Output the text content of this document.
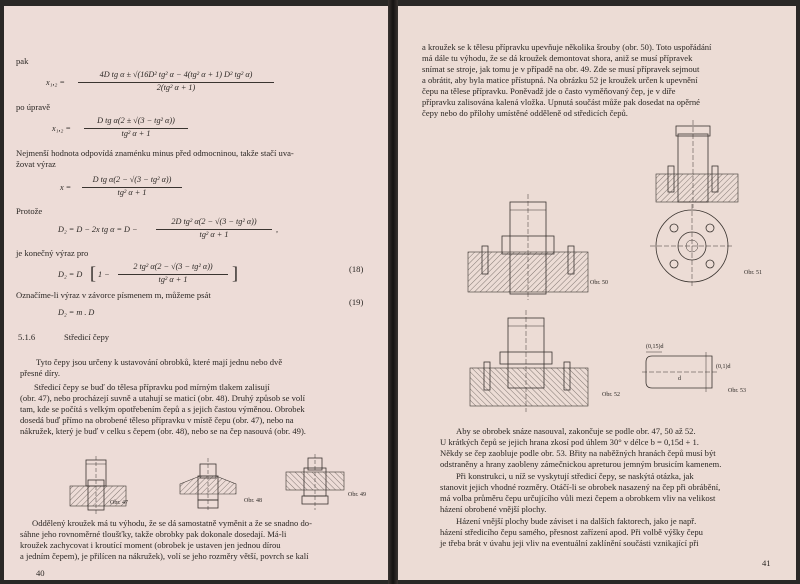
pak
x₁,₂ =
4D tg α ± √(16D² tg² α − 4(tg² α + 1) D² tg² α)
2(tg² α + 1)
po úpravě
x₁,₂ =
D tg α(2 ± √(3 − tg² α))
tg² α + 1
Nejmenší hodnota odpovídá znaménku minus před odmocninou, takže stačí uva-
žovat výraz
x =
D tg α(2 − √(3 − tg² α))
tg² α + 1
Protože
D₂ = D − 2x tg α = D −
2D tg² α(2 − √(3 − tg² α))
tg² α + 1
,
je konečný výraz pro
D₂ = D [ 1 −
2 tg² α(2 − √(3 − tg² α))
tg² α + 1	]	(18)
Označíme-li výraz v závorce písmenem m, můžeme psát
D₂ = m . D
(19)
5.1.6	Středicí čepy
Tyto čepy jsou určeny k ustavování obrobků, které mají jednu nebo dvě
přesné díry.
Středicí čepy se buď do tělesa přípravku pod mírným tlakem zalisují
(obr. 47), nebo procházejí suvně a utahují se maticí (obr. 48). Druhý způsob se volí
tam, kde se počítá s velkým opotřebením čepů a s jejich častou výměnou. Obrobek
dosedá buď přímo na obrobené těleso přípravku v místě čepu (obr. 47), nebo na
nákružek, který je buď v celku s čepem (obr. 48), nebo se na čep nasouvá (obr. 49).
Obr. 47	Obr. 48
Obr. 49
Oddělený kroužek má tu výhodu, že se dá samostatně vyměnit a že se snadno do-
sáhne jeho rovnoměrné tloušťky, takže obrobky pak dokonale dosedají. Má-li
kroužek zachycovat i kroutící moment (obrobek je ustaven jen jednou dírou
a jedním čepem), je přilícen na nákružek), volí se jeho rozměry větší, povrch se kalí
40
a kroužek se k tělesu přípravku upevňuje několika šrouby (obr. 50). Toto uspořádání
má dále tu výhodu, že se dá kroužek demontovat shora, aniž se musí přípravek
snímat se stroje, jak tomu je v případě na obr. 49. Zde se musí přípravek sejmout
a obrátit, aby byla matice přístupná. Na obrázku 52 je kroužek určen k upevnění
čepu na tělese přípravku. Poněvadž jde o často vyměňovaný čep, je v díře
přípravku zalisována kalená vložka. Upnutá součást může pak dosedat na opěrné
čepy nebo do přílohy umístěné odděleně od středicích čepů.
Obr. 50
Obr. 51
Obr. 52
Obr. 53
(0,15)d
(0,1)d
d
Aby se obrobek snáze nasouval, zakončuje se podle obr. 47, 50 až 52.
U krátkých čepů se jejich hrana zkosí pod úhlem 30° v délce b = 0,15d + 1.
Někdy se čep zaobluje podle obr. 53. Břity na naběžných hranách čepů musí být
odstraněny a hrany zaobleny zámečnickou apreturou jemným brusicím kamenem.
Při konstrukci, u níž se vyskytují středicí čepy, se naskýtá otázka, jak
stanovit jejich vhodné rozměry. Otáčí-li se obrobek nasazený na čep při obrábění,
má volba průměru čepu určujícího vůli mezi čepem a obrobkem vliv na velikost
házení obrobené vnější plochy.
Házení vnější plochy bude záviset i na dalších faktorech, jako je např.
házení středicího čepu samého, přesnost zařízení apod. Při volbě výšky čepu
je třeba brát v úvahu jeji vliv na eventuální zaklínění součásti vznikající při
41
